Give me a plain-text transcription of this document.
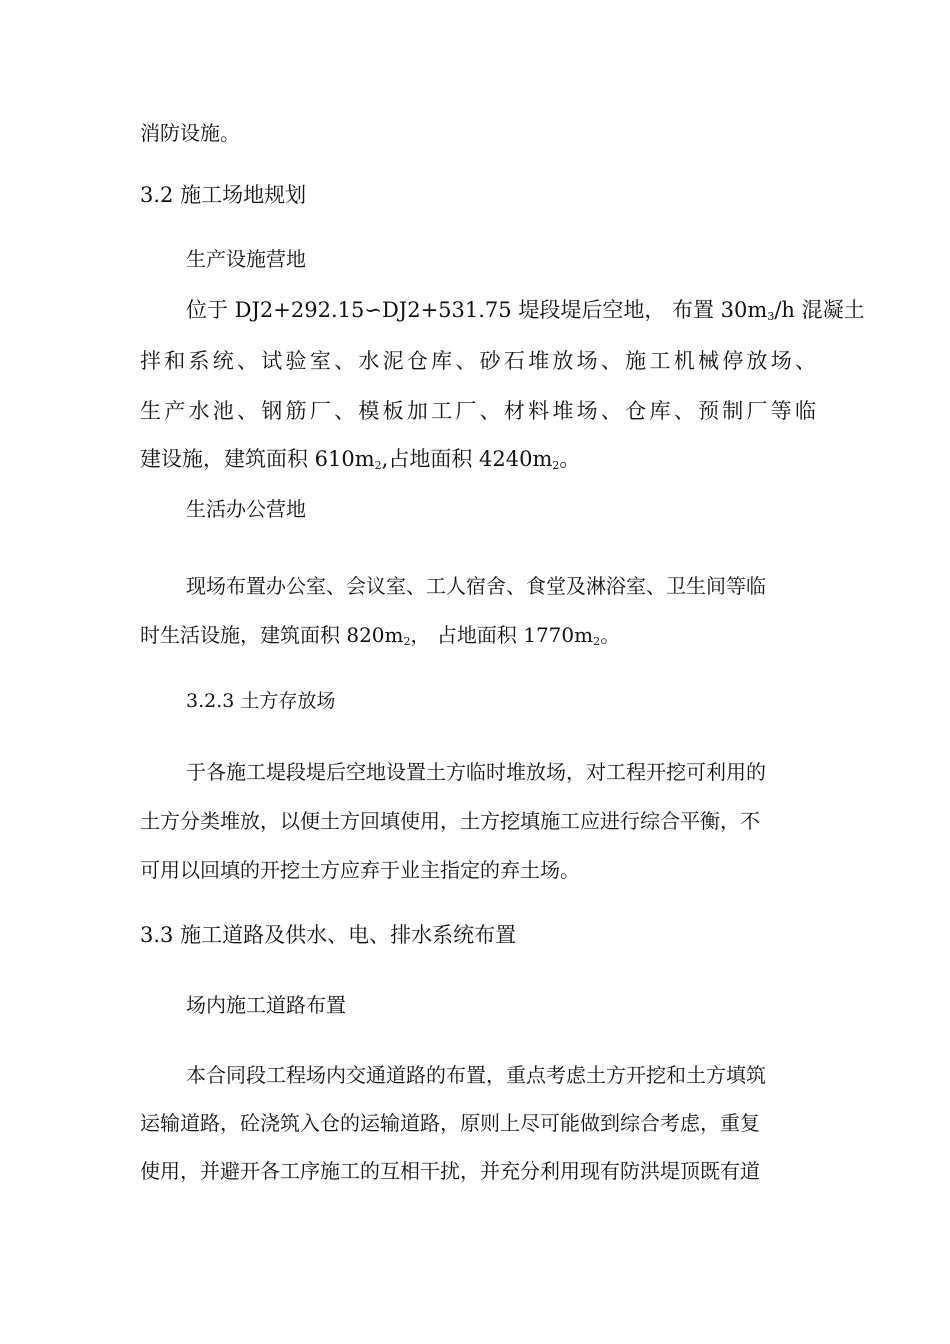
消防设施。
3.2 施工场地规划
生产设施营地
位于 DJ2+292.15∽DJ2+531.75 堤段堤后空地， 布置 $30m_3/h$ 混凝土
拌和系统、试验室、水泥仓库、砂石堆放场、施工机械停放场、
生产水池、钢筋厂、模板加工厂、材料堆场、仓库、预制厂等临
建设施，建筑面积 $610m_2$,占地面积 $4240m_2$。
生活办公营地
现场布置办公室、会议室、工人宿舍、食堂及淋浴室、卫生间等临
时生活设施，建筑面积 $820m_2$， 占地面积 $1770m_2$。
3.2.3 土方存放场
于各施工堤段堤后空地设置土方临时堆放场，对工程开挖可利用的
土方分类堆放，以便土方回填使用，土方挖填施工应进行综合平衡，不
可用以回填的开挖土方应弃于业主指定的弃土场。
3.3 施工道路及供水、电、排水系统布置
场内施工道路布置
本合同段工程场内交通道路的布置，重点考虑土方开挖和土方填筑
运输道路，砼浇筑入仓的运输道路，原则上尽可能做到综合考虑，重复
使用，并避开各工序施工的互相干扰，并充分利用现有防洪堤顶既有道
